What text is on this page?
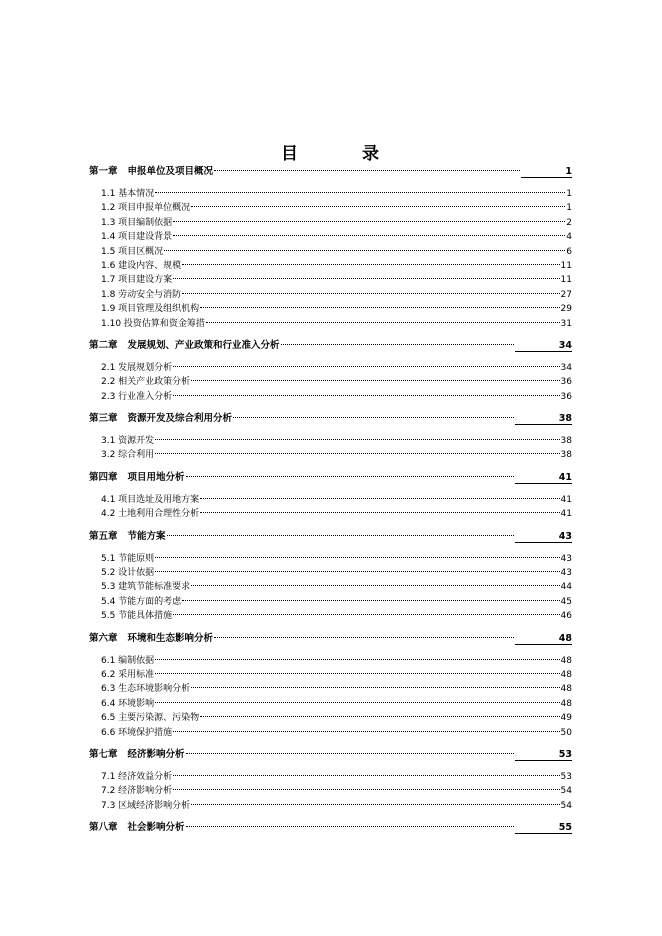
目	录
第一章 申报单位及项目概况	1
1.1 基本情况	1
1.2 项目申报单位概况	1
1.3 项目编制依据	2
1.4 项目建设背景	4
1.5 项目区概况	6
1.6 建设内容、规模	11
1.7 项目建设方案	11
1.8 劳动安全与消防	27
1.9 项目管理及组织机构	29
1.10 投资估算和资金筹措	31
第二章 发展规划、产业政策和行业准入分析	34
2.1 发展规划分析	34
2.2 相关产业政策分析	36
2.3 行业准入分析	36
第三章 资源开发及综合利用分析	38
3.1 资源开发	38
3.2 综合利用	38
第四章 项目用地分析	41
4.1 项目选址及用地方案	41
4.2 土地利用合理性分析	41
第五章 节能方案	43
5.1 节能原则	43
5.2 设计依据	43
5.3 建筑节能标准要求	44
5.4 节能方面的考虑	45
5.5 节能具体措施	46
第六章 环境和生态影响分析	48
6.1 编制依据	48
6.2 采用标准	48
6.3 生态环境影响分析	48
6.4 环境影响	48
6.5 主要污染源、污染物	49
6.6 环境保护措施	50
第七章 经济影响分析	53
7.1 经济效益分析	53
7.2 经济影响分析	54
7.3 区域经济影响分析	54
第八章 社会影响分析	55
